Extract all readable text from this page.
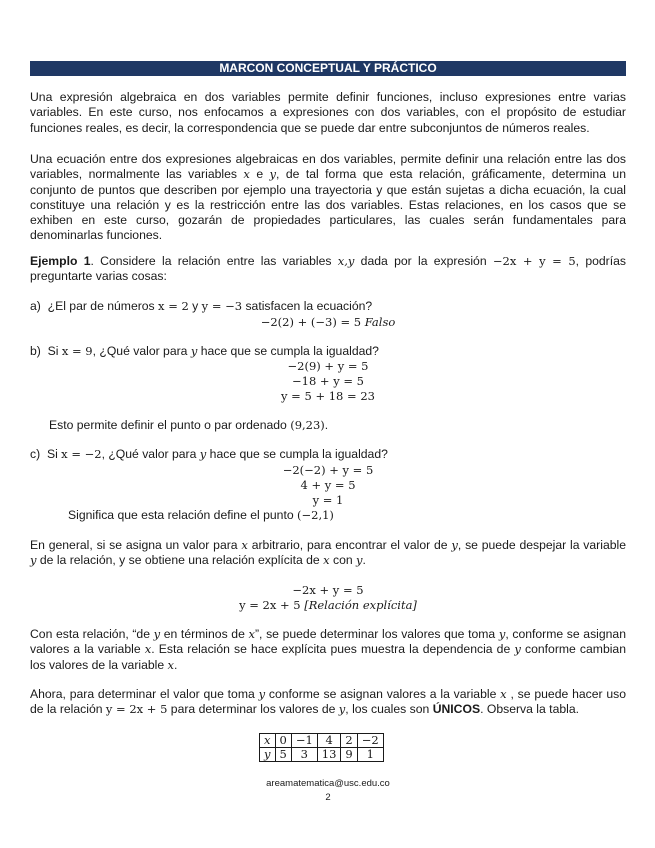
MARCON CONCEPTUAL Y PRÁCTICO
Una expresión algebraica en dos variables permite definir funciones, incluso expresiones entre varias variables. En este curso, nos enfocamos a expresiones con dos variables, con el propósito de estudiar funciones reales, es decir, la correspondencia que se puede dar entre subconjuntos de números reales.
Una ecuación entre dos expresiones algebraicas en dos variables, permite definir una relación entre las dos variables, normalmente las variables x e y, de tal forma que esta relación, gráficamente, determina un conjunto de puntos que describen por ejemplo una trayectoria y que están sujetas a dicha ecuación, la cual constituye una relación y es la restricción entre las dos variables. Estas relaciones, en los casos que se exhiben en este curso, gozarán de propiedades particulares, las cuales serán fundamentales para denominarlas funciones.
Ejemplo 1. Considere la relación entre las variables x,y dada por la expresión −2x + y = 5, podrías preguntarte varias cosas:
a) ¿El par de números x = 2 y y = −3 satisfacen la ecuación?
−2(2) + (−3) = 5 Falso
b) Si x = 9, ¿Qué valor para y hace que se cumpla la igualdad?
−2(9) + y = 5
−18 + y = 5
y = 5 + 18 = 23
Esto permite definir el punto o par ordenado (9,23).
c) Si x = −2, ¿Qué valor para y hace que se cumpla la igualdad?
−2(−2) + y = 5
4 + y = 5
y = 1
Significa que esta relación define el punto (−2,1)
En general, si se asigna un valor para x arbitrario, para encontrar el valor de y, se puede despejar la variable y de la relación, y se obtiene una relación explícita de x con y.
−2x + y = 5
y = 2x + 5 [Relación explícita]
Con esta relación, “de y en términos de x”, se puede determinar los valores que toma y, conforme se asignan valores a la variable x. Esta relación se hace explícita pues muestra la dependencia de y conforme cambian los valores de la variable x.
Ahora, para determinar el valor que toma y conforme se asignan valores a la variable x , se puede hacer uso de la relación y = 2x + 5 para determinar los valores de y, los cuales son ÚNICOS. Observa la tabla.
x	0	−1	4	2	−2
y	5	3	13	9	1
areamatematica@usc.edu.co
2
